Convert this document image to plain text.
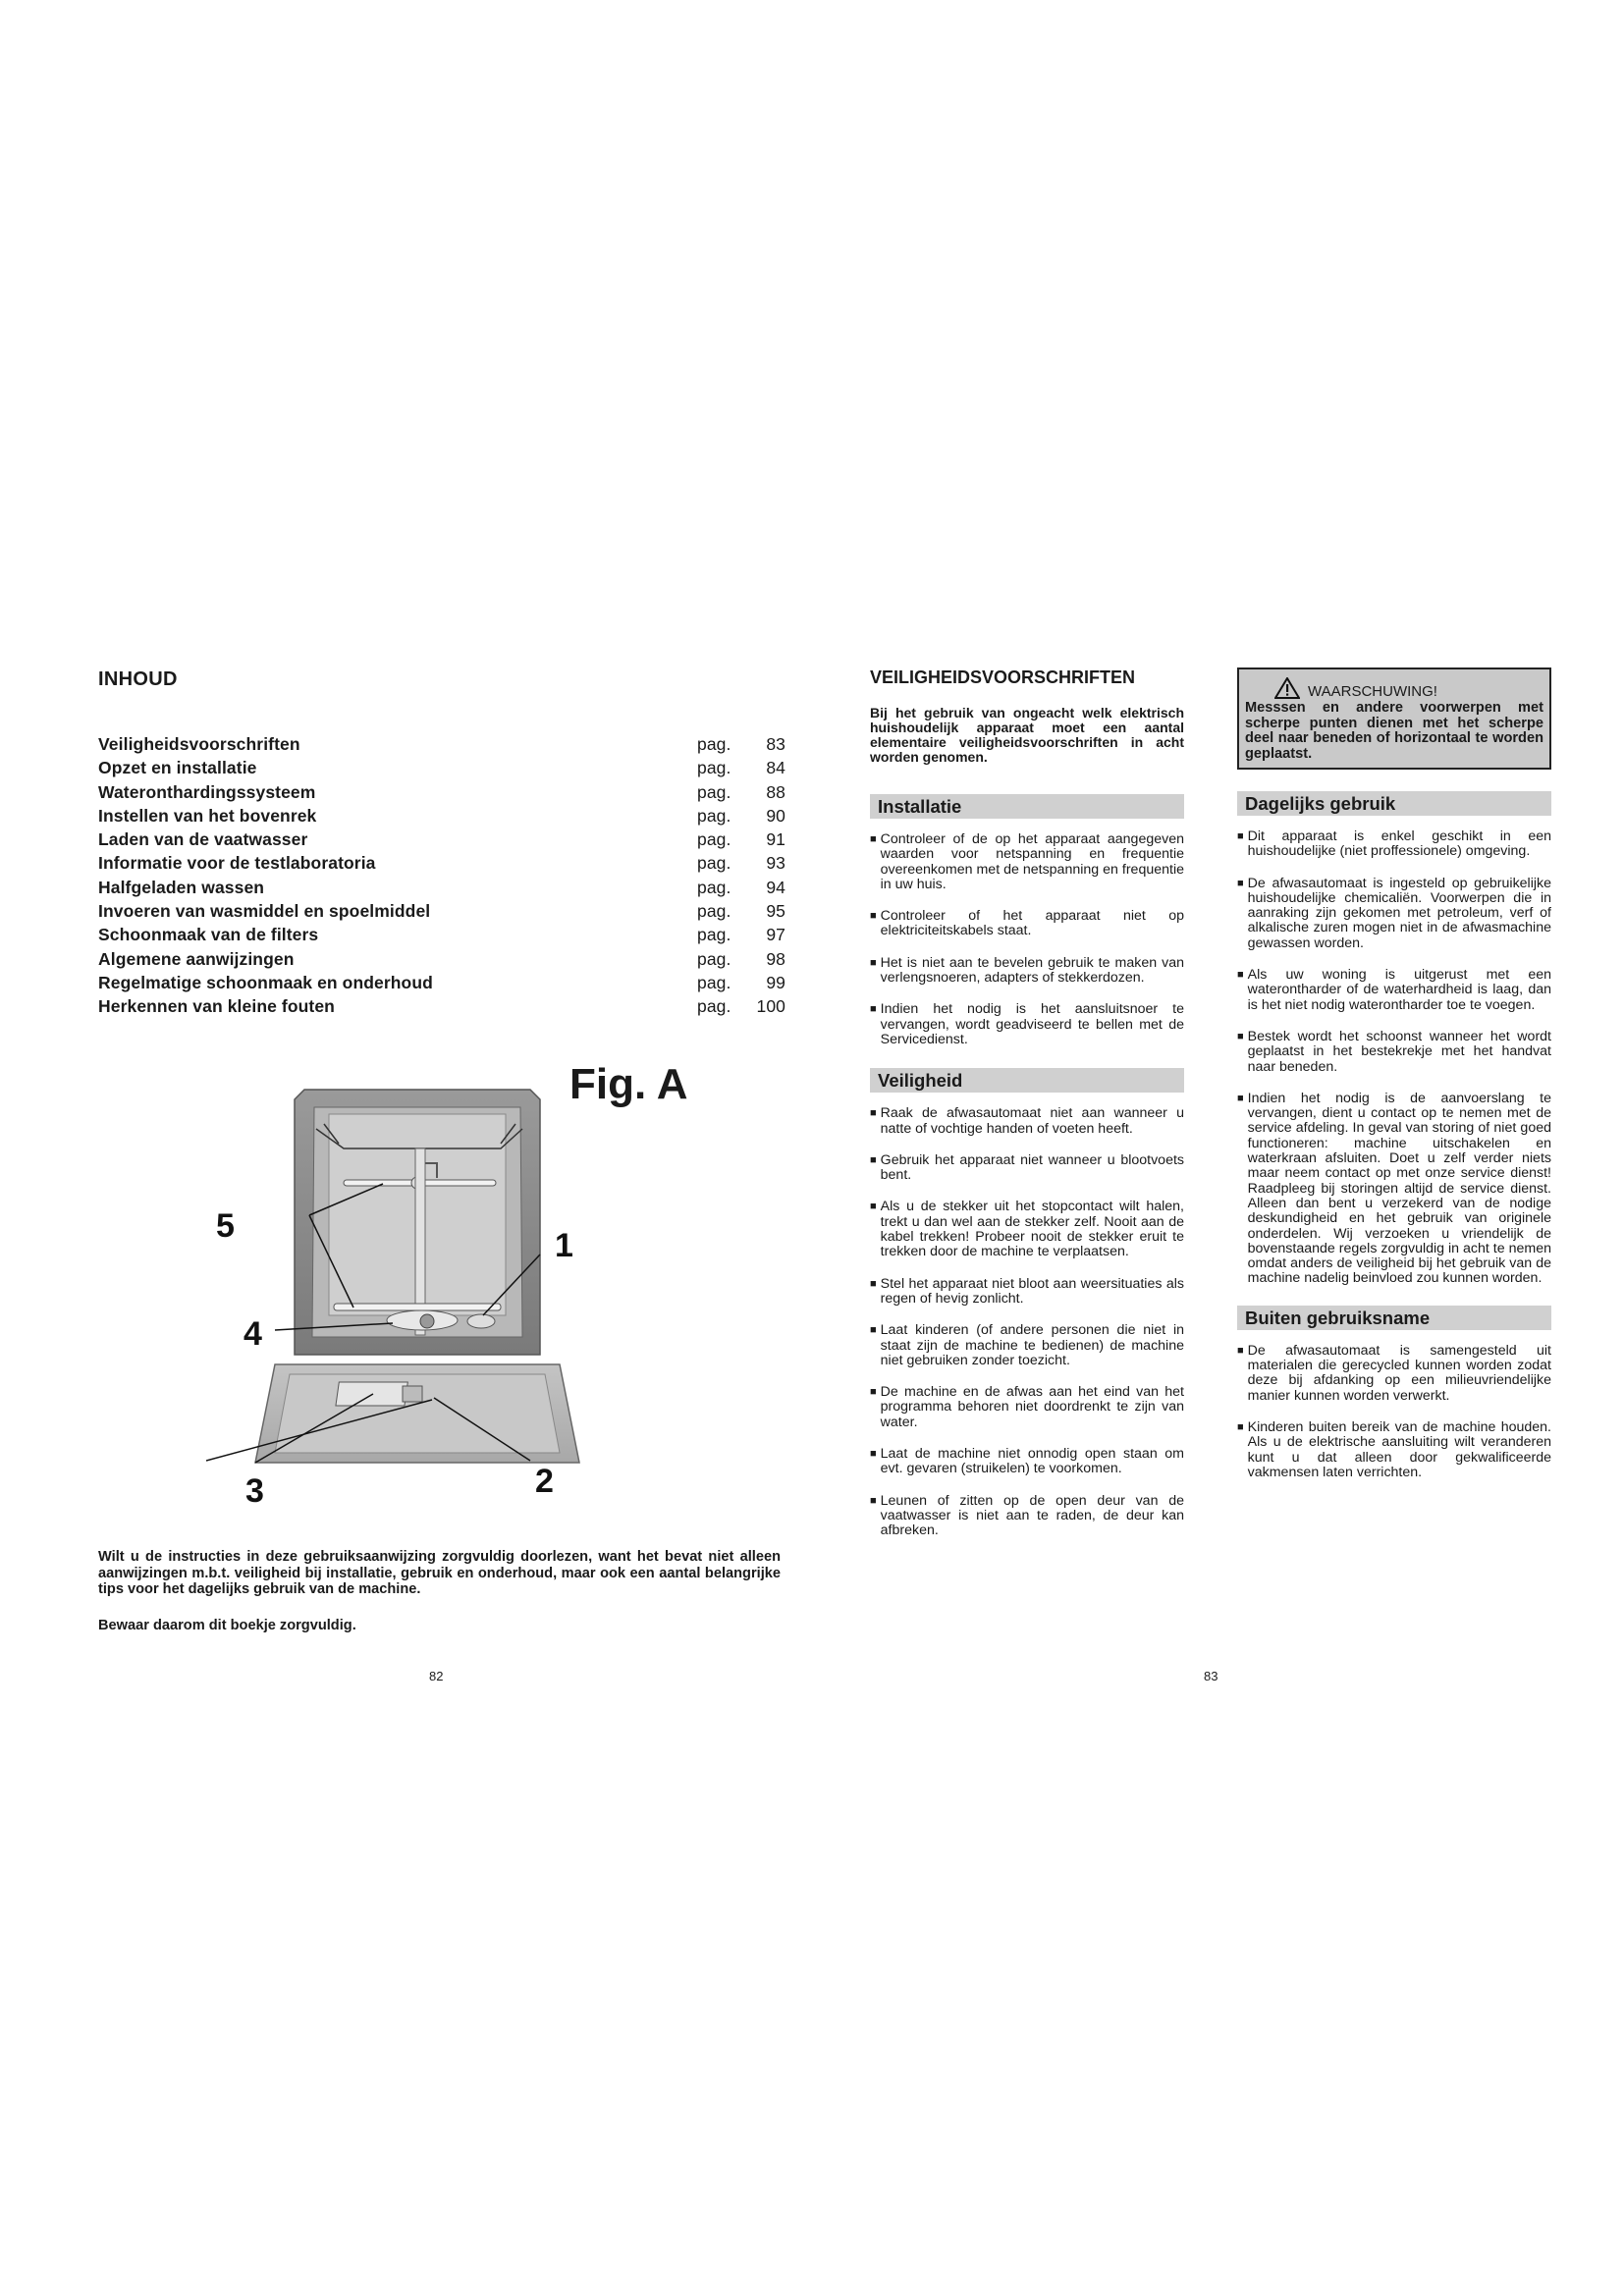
INHOUD
Veiligheidsvoorschriften	pag.	83
Opzet en installatie	pag.	84
Wateronthardingssysteem	pag.	88
Instellen van het bovenrek	pag.	90
Laden van de vaatwasser	pag.	91
Informatie voor de testlaboratoria	pag.	93
Halfgeladen wassen	pag.	94
Invoeren van wasmiddel en spoelmiddel	pag.	95
Schoonmaak van de filters	pag.	97
Algemene aanwijzingen	pag.	98
Regelmatige schoonmaak en onderhoud	pag.	99
Herkennen van kleine fouten	pag.	100
Fig. A
5
1
4
3	2
Wilt u de instructies in deze gebruiksaanwijzing zorgvuldig doorlezen, want het bevat niet alleen aanwijzingen m.b.t. veiligheid bij installatie, gebruik en onderhoud, maar ook een aantal belangrijke tips voor het dagelijks gebruik van de machine.
Bewaar daarom dit boekje zorgvuldig.
82
VEILIGHEIDSVOORSCHRIFTEN
Bij het gebruik van ongeacht welk elektrisch huishoudelijk apparaat moet een aantal elementaire veiligheidsvoorschriften in acht worden genomen.
Installatie
■ Controleer of de op het apparaat aangegeven waarden voor netspanning en frequentie overeenkomen met de netspanning en frequentie in uw huis.
■ Controleer of het apparaat niet op elektriciteitskabels staat.
■ Het is niet aan te bevelen gebruik te maken van verlengsnoeren, adapters of stekkerdozen.
■ Indien het nodig is het aansluitsnoer te vervangen, wordt geadviseerd te bellen met de Servicedienst.
Veiligheid
■ Raak de afwasautomaat niet aan wanneer u natte of vochtige handen of voeten heeft.
■ Gebruik het apparaat niet wanneer u blootvoets bent.
■ Als u de stekker uit het stopcontact wilt halen, trekt u dan wel aan de stekker zelf. Nooit aan de kabel trekken! Probeer nooit de stekker eruit te trekken door de machine te verplaatsen.
■ Stel het apparaat niet bloot aan weersituaties als regen of hevig zonlicht.
■ Laat kinderen (of andere personen die niet in staat zijn de machine te bedienen) de machine niet gebruiken zonder toezicht.
■ De machine en de afwas aan het eind van het programma behoren niet doordrenkt te zijn van water.
■ Laat de machine niet onnodig open staan om evt. gevaren (struikelen) te voorkomen.
■ Leunen of zitten op de open deur van de vaatwasser is niet aan te raden, de deur kan afbreken.
WAARSCHUWING!
Messsen en andere voorwerpen met scherpe punten dienen met het scherpe deel naar beneden of horizontaal te worden geplaatst.
Dagelijks gebruik
■ Dit apparaat is enkel geschikt in een huishoudelijke (niet proffessionele) omgeving.
■ De afwasautomaat is ingesteld op gebruikelijke huishoudelijke chemicaliën. Voorwerpen die in aanraking zijn gekomen met petroleum, verf of alkalische zuren mogen niet in de afwasmachine gewassen worden.
■ Als uw woning is uitgerust met een waterontharder of de waterhardheid is laag, dan is het niet nodig waterontharder toe te voegen.
■ Bestek wordt het schoonst wanneer het wordt geplaatst in het bestekrekje met het handvat naar beneden.
■ Indien het nodig is de aanvoerslang te vervangen, dient u contact op te nemen met de service afdeling. In geval van storing of niet goed functioneren: machine uitschakelen en waterkraan afsluiten. Doet u zelf verder niets maar neem contact op met onze service dienst! Raadpleeg bij storingen altijd de service dienst. Alleen dan bent u verzekerd van de nodige deskundigheid en het gebruik van originele onderdelen. Wij verzoeken u vriendelijk de bovenstaande regels zorgvuldig in acht te nemen omdat anders de veiligheid bij het gebruik van de machine nadelig beinvloed zou kunnen worden.
Buiten gebruiksname
■ De afwasautomaat is samengesteld uit materialen die gerecycled kunnen worden zodat deze bij afdanking op een milieuvriendelijke manier kunnen worden verwerkt.
■ Kinderen buiten bereik van de machine houden. Als u de elektrische aansluiting wilt veranderen kunt u dat alleen door gekwalificeerde vakmensen laten verrichten.
83
